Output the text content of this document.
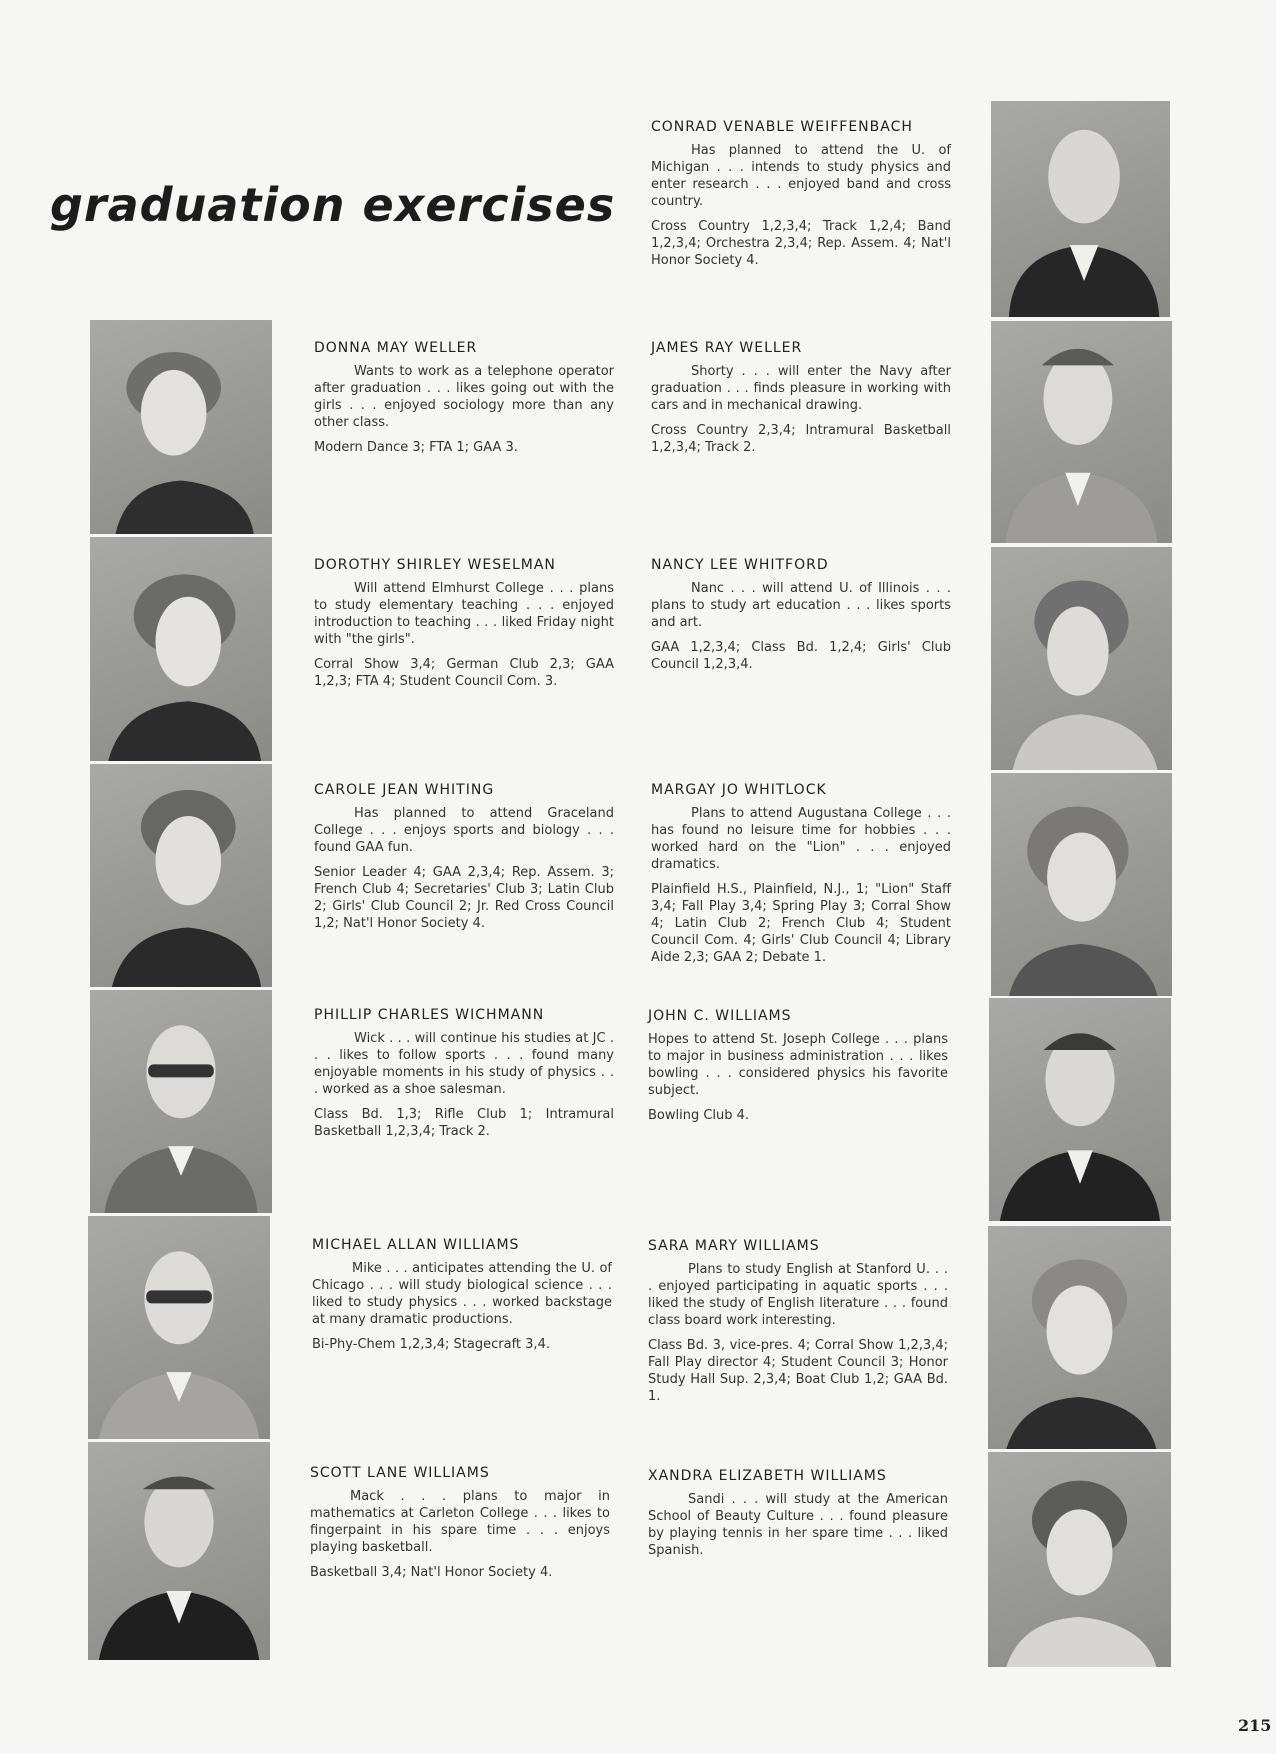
graduation exercises
DONNA MAY WELLER

Wants to work as a telephone operator after graduation . . . likes going out with the girls . . . enjoyed sociology more than any other class.

Modern Dance 3; FTA 1; GAA 3.

DOROTHY SHIRLEY WESELMAN

Will attend Elmhurst College . . . plans to study elementary teaching . . . enjoyed introduction to teaching . . . liked Friday night with "the girls".

Corral Show 3,4; German Club 2,3; GAA 1,2,3; FTA 4; Student Council Com. 3.

CAROLE JEAN WHITING

Has planned to attend Graceland College . . . enjoys sports and biology . . . found GAA fun.

Senior Leader 4; GAA 2,3,4; Rep. Assem. 3; French Club 4; Secretaries' Club 3; Latin Club 2; Girls' Club Council 2; Jr. Red Cross Council 1,2; Nat'l Honor Society 4.

PHILLIP CHARLES WICHMANN

Wick . . . will continue his studies at JC . . . likes to follow sports . . . found many enjoyable moments in his study of physics . . . worked as a shoe salesman.

Class Bd. 1,3; Rifle Club 1; Intramural Basketball 1,2,3,4; Track 2.

MICHAEL ALLAN WILLIAMS

Mike . . . anticipates attending the U. of Chicago . . . will study biological science . . . liked to study physics . . . worked backstage at many dramatic productions.

Bi-Phy-Chem 1,2,3,4; Stagecraft 3,4.

SCOTT LANE WILLIAMS

Mack . . . plans to major in mathematics at Carleton College . . . likes to fingerpaint in his spare time . . . enjoys playing basketball.

Basketball 3,4; Nat'l Honor Society 4.

CONRAD VENABLE WEIFFENBACH

Has planned to attend the U. of Michigan . . . intends to study physics and enter research . . . enjoyed band and cross country.

Cross Country 1,2,3,4; Track 1,2,4; Band 1,2,3,4; Orchestra 2,3,4; Rep. Assem. 4; Nat'l Honor Society 4.

JAMES RAY WELLER

Shorty . . . will enter the Navy after graduation . . . finds pleasure in working with cars and in mechanical drawing.

Cross Country 2,3,4; Intramural Basketball 1,2,3,4; Track 2.

NANCY LEE WHITFORD

Nanc . . . will attend U. of Illinois . . . plans to study art education . . . likes sports and art.

GAA 1,2,3,4; Class Bd. 1,2,4; Girls' Club Council 1,2,3,4.

MARGAY JO WHITLOCK

Plans to attend Augustana College . . . has found no leisure time for hobbies . . . worked hard on the "Lion" . . . enjoyed dramatics.

Plainfield H.S., Plainfield, N.J., 1; "Lion" Staff 3,4; Fall Play 3,4; Spring Play 3; Corral Show 4; Latin Club 2; French Club 4; Student Council Com. 4; Girls' Club Council 4; Library Aide 2,3; GAA 2; Debate 1.

JOHN C. WILLIAMS

Hopes to attend St. Joseph College . . . plans to major in business administration . . . likes bowling . . . considered physics his favorite subject.

Bowling Club 4.

SARA MARY WILLIAMS

Plans to study English at Stanford U. . . . enjoyed participating in aquatic sports . . . liked the study of English literature . . . found class board work interesting.

Class Bd. 3, vice-pres. 4; Corral Show 1,2,3,4; Fall Play director 4; Student Council 3; Honor Study Hall Sup. 2,3,4; Boat Club 1,2; GAA Bd. 1.

XANDRA ELIZABETH WILLIAMS

Sandi . . . will study at the American School of Beauty Culture . . . found pleasure by playing tennis in her spare time . . . liked Spanish.

215
